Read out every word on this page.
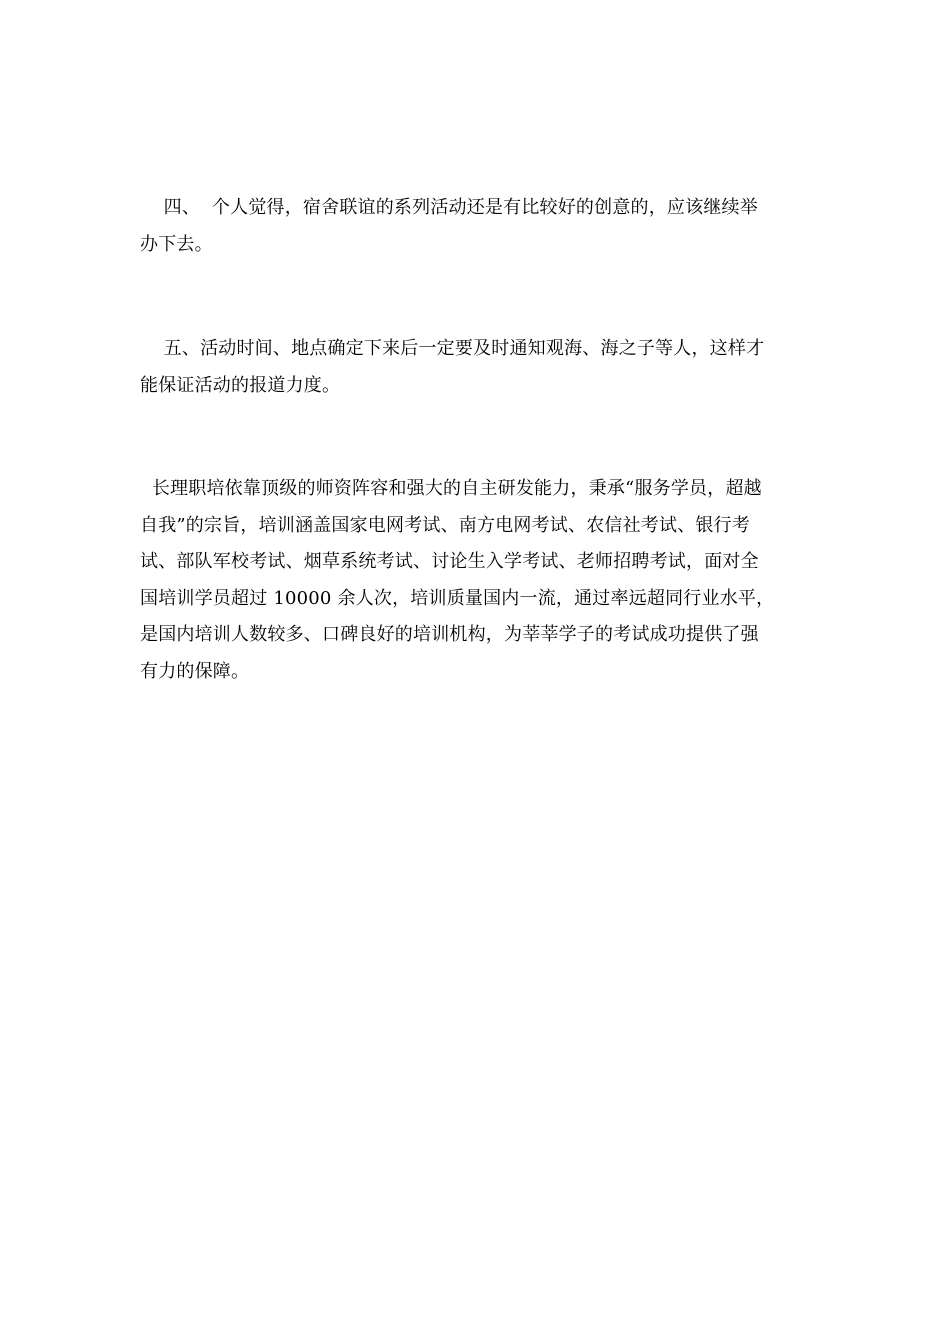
四、  个人觉得，宿舍联谊的系列活动还是有比较好的创意的，应该继续举
办下去。

五、活动时间、地点确定下来后一定要及时通知观海、海之子等人，这样才
能保证活动的报道力度。

长理职培依靠顶级的师资阵容和强大的自主研发能力，秉承“服务学员，超越
自我”的宗旨，培训涵盖国家电网考试、南方电网考试、农信社考试、银行考
试、部队军校考试、烟草系统考试、讨论生入学考试、老师招聘考试，面对全
国培训学员超过 10000 余人次，培训质量国内一流，通过率远超同行业水平，
是国内培训人数较多、口碑良好的培训机构，为莘莘学子的考试成功提供了强
有力的保障。
